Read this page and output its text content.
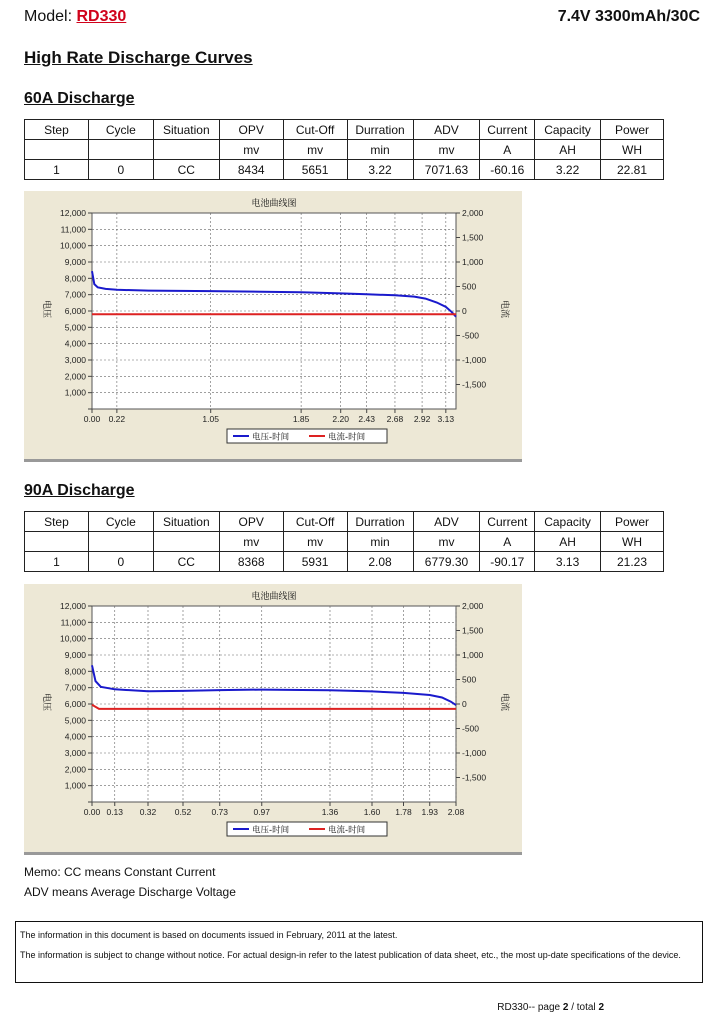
Model: RD330	7.4V 3300mAh/30C
High Rate Discharge Curves
60A Discharge
Step	Cycle	Situation	OPV	Cut-Off	Durration	ADV	Current	Capacity	Power
			mv	mv	min	mv	A	AH	WH
1	0	CC	8434	5651	3.22	7071.63	-60.16	3.22	22.81
电池曲线图
1,000
2,000
3,000
4,000
5,000
6,000
7,000
8,000
9,000
10,000
11,000
12,000
-1,500
-1,000
-500
0
500
1,000
1,500
2,000
0.00 0.22	1.05	1.85	2.20 2.43 2.68 2.92 3.13
电压	电流
电压-时间	电流-时间
90A Discharge
Step	Cycle	Situation	OPV	Cut-Off	Durration	ADV	Current	Capacity	Power
			mv	mv	min	mv	A	AH	WH
1	0	CC	8368	5931	2.08	6779.30	-90.17	3.13	21.23
电池曲线图
1,000
2,000
3,000
4,000
5,000
6,000
7,000
8,000
9,000
10,000
11,000
12,000
-1,500
-1,000
-500
0
500
1,000
1,500
2,000
0.00 0.13 0.32 0.52 0.73	0.97	1.36	1.60 1.78 1.93 2.08
电压	电流
电压-时间	电流-时间
Memo: CC means Constant Current
ADV means Average Discharge Voltage
The information in this document is based on documents issued in February, 2011 at the latest.
The information is subject to change without notice. For actual design-in refer to the latest publication of data sheet, etc., the most up-date specifications of the device.
RD330-- page 2 / total 2
